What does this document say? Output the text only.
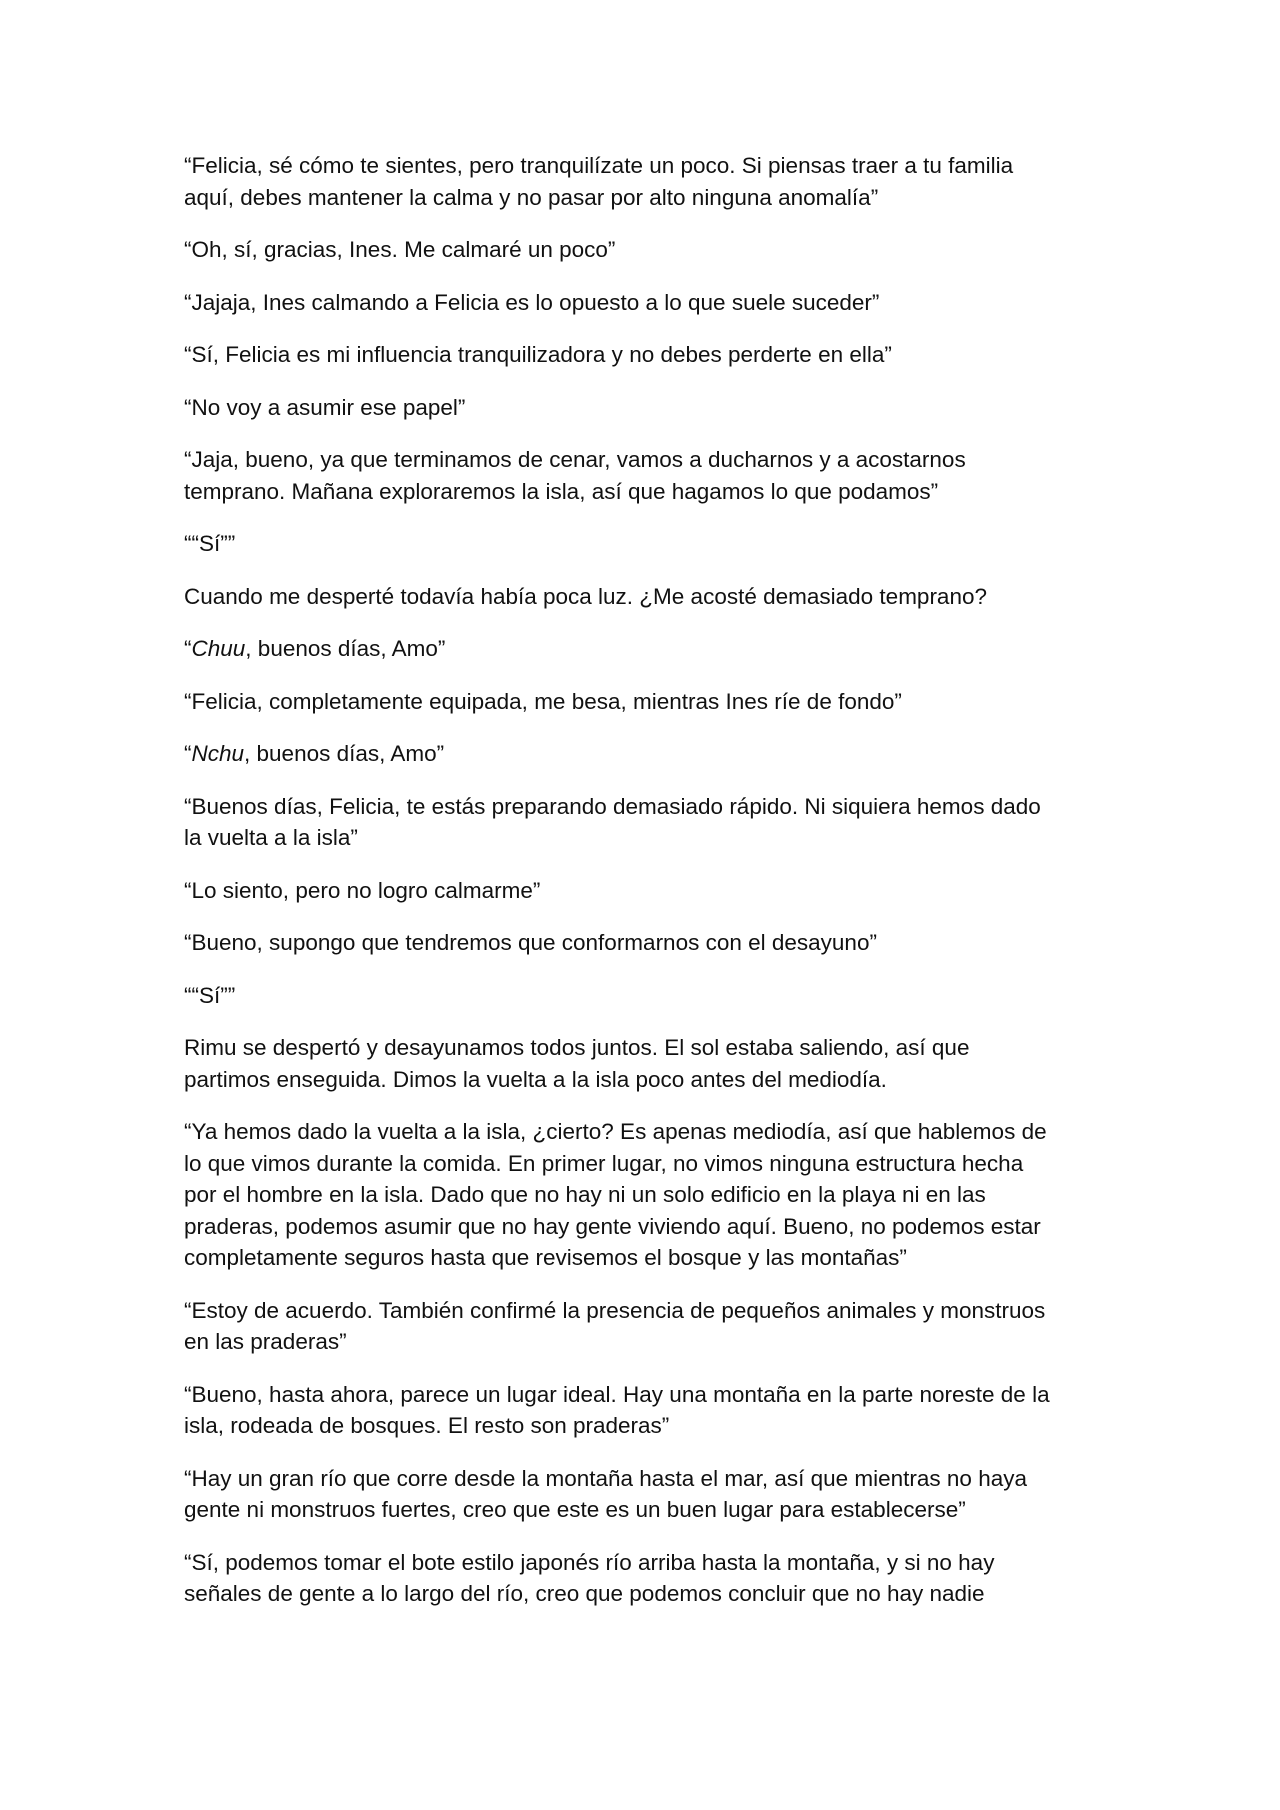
“Felicia, sé cómo te sientes, pero tranquilízate un poco. Si piensas traer a tu familia
aquí, debes mantener la calma y no pasar por alto ninguna anomalía”

“Oh, sí, gracias, Ines. Me calmaré un poco”

“Jajaja, Ines calmando a Felicia es lo opuesto a lo que suele suceder”

“Sí, Felicia es mi influencia tranquilizadora y no debes perderte en ella”

“No voy a asumir ese papel”

“Jaja, bueno, ya que terminamos de cenar, vamos a ducharnos y a acostarnos
temprano. Mañana exploraremos la isla, así que hagamos lo que podamos”

““Sí””

Cuando me desperté todavía había poca luz. ¿Me acosté demasiado temprano?

“Chuu, buenos días, Amo”

“Felicia, completamente equipada, me besa, mientras Ines ríe de fondo”

“Nchu, buenos días, Amo”

“Buenos días, Felicia, te estás preparando demasiado rápido. Ni siquiera hemos dado
la vuelta a la isla”

“Lo siento, pero no logro calmarme”

“Bueno, supongo que tendremos que conformarnos con el desayuno”

““Sí””

Rimu se despertó y desayunamos todos juntos. El sol estaba saliendo, así que
partimos enseguida. Dimos la vuelta a la isla poco antes del mediodía.

“Ya hemos dado la vuelta a la isla, ¿cierto? Es apenas mediodía, así que hablemos de
lo que vimos durante la comida. En primer lugar, no vimos ninguna estructura hecha
por el hombre en la isla. Dado que no hay ni un solo edificio en la playa ni en las
praderas, podemos asumir que no hay gente viviendo aquí. Bueno, no podemos estar
completamente seguros hasta que revisemos el bosque y las montañas”

“Estoy de acuerdo. También confirmé la presencia de pequeños animales y monstruos
en las praderas”

“Bueno, hasta ahora, parece un lugar ideal. Hay una montaña en la parte noreste de la
isla, rodeada de bosques. El resto son praderas”

“Hay un gran río que corre desde la montaña hasta el mar, así que mientras no haya
gente ni monstruos fuertes, creo que este es un buen lugar para establecerse”

“Sí, podemos tomar el bote estilo japonés río arriba hasta la montaña, y si no hay
señales de gente a lo largo del río, creo que podemos concluir que no hay nadie
